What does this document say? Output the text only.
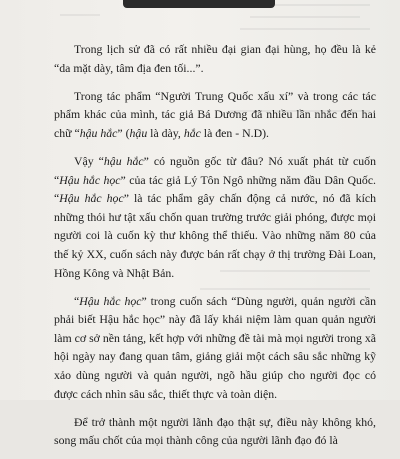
Trong lịch sử đã có rất nhiều đại gian đại hùng, họ đều là kẻ “da mặt dày, tâm địa đen tối...”.

Trong tác phẩm “Người Trung Quốc xấu xí” và trong các tác phẩm khác của mình, tác giả Bá Dương đã nhiều lần nhắc đến hai chữ “hậu hắc” (hậu là dày, hắc là đen - N.D).

Vậy “hậu hắc” có nguồn gốc từ đâu? Nó xuất phát từ cuốn “Hậu hắc học” của tác giả Lý Tôn Ngô những năm đầu Dân Quốc. “Hậu hắc học” là tác phẩm gây chấn động cả nước, nó đã kích những thói hư tật xấu chốn quan trường trước giải phóng, được mọi người coi là cuốn kỳ thư không thể thiếu. Vào những năm 80 của thế kỷ XX, cuốn sách này được bán rất chạy ở thị trường Đài Loan, Hồng Kông và Nhật Bản.

“Hậu hắc học” trong cuốn sách “Dùng người, quản người cần phải biết Hậu hắc học” này đã lấy khái niệm làm quan quản người làm cơ sở nền tảng, kết hợp với những đề tài mà mọi người trong xã hội ngày nay đang quan tâm, giảng giải một cách sâu sắc những kỹ xảo dùng người và quản người, ngõ hầu giúp cho người đọc có được cách nhìn sâu sắc, thiết thực và toàn diện.

Để trở thành một người lãnh đạo thật sự, điều này không khó, song mấu chốt của mọi thành công của người lãnh đạo đó là
